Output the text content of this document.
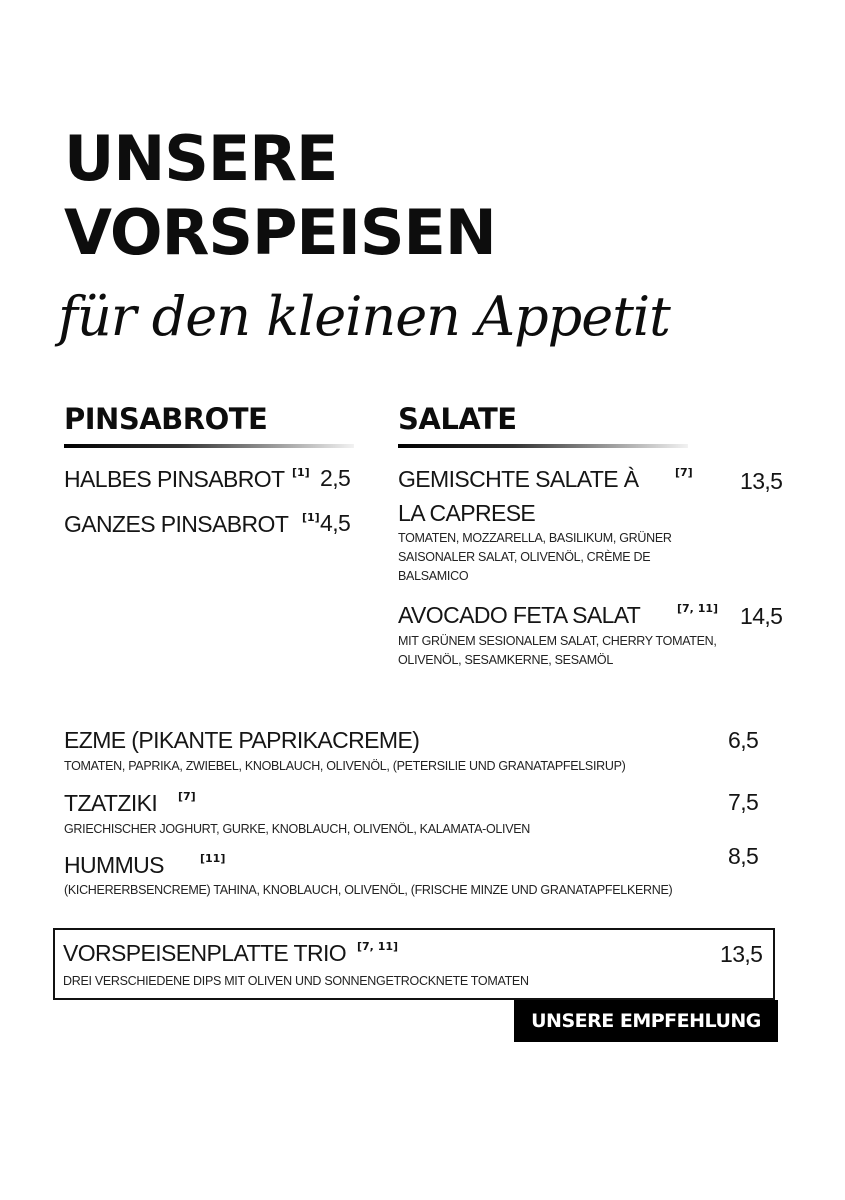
UNSERE
VORSPEISEN
für den kleinen Appetit
PINSABROTE
HALBES PINSABROT [1] 2,5
GANZES PINSABROT [1] 4,5
SALATE
GEMISCHTE SALATE À
LA CAPRESE
[7] 13,5
TOMATEN, MOZZARELLA, BASILIKUM, GRÜNER SAISONALER SALAT, OLIVENÖL, CRÈME DE BALSAMICO
AVOCADO FETA SALAT	[7, 11] 14,5
MIT GRÜNEM SESIONALEM SALAT, CHERRY TOMATEN, OLIVENÖL, SESAMKERNE, SESAMÖL
EZME (PIKANTE PAPRIKACREME)	6,5
TOMATEN, PAPRIKA, ZWIEBEL, KNOBLAUCH, OLIVENÖL, (PETERSILIE UND GRANATAPFELSIRUP)
TZATZIKI [7]	7,5
GRIECHISCHER JOGHURT, GURKE, KNOBLAUCH, OLIVENÖL, KALAMATA-OLIVEN
HUMMUS	[11]	8,5
(KICHERERBSENCREME) TAHINA, KNOBLAUCH, OLIVENÖL, (FRISCHE MINZE UND GRANATAPFELKERNE)
VORSPEISENPLATTE TRIO [7, 11]	13,5
DREI VERSCHIEDENE DIPS MIT OLIVEN UND SONNENGETROCKNETE TOMATEN
UNSERE EMPFEHLUNG
